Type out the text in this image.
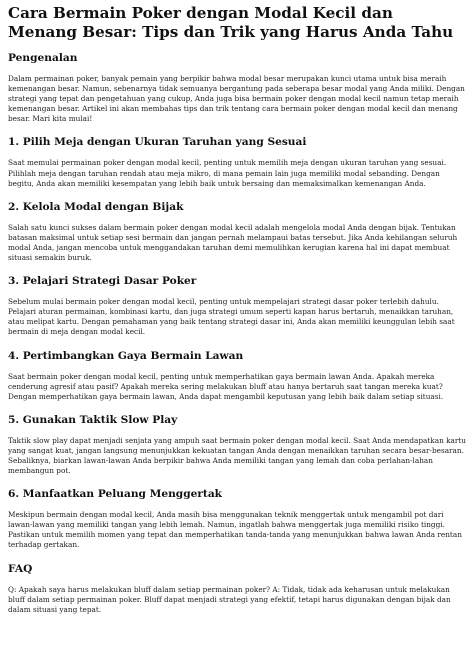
Cara Bermain Poker dengan Modal Kecil dan Menang Besar: Tips dan Trik yang Harus Anda Tahu
Pengenalan

Dalam permainan poker, banyak pemain yang berpikir bahwa modal besar merupakan kunci utama untuk bisa meraih kemenangan besar. Namun, sebenarnya tidak semuanya bergantung pada seberapa besar modal yang Anda miliki. Dengan strategi yang tepat dan pengetahuan yang cukup, Anda juga bisa bermain poker dengan modal kecil namun tetap meraih kemenangan besar. Artikel ini akan membahas tips dan trik tentang cara bermain poker dengan modal kecil dan menang besar. Mari kita mulai!

1. Pilih Meja dengan Ukuran Taruhan yang Sesuai

Saat memulai permainan poker dengan modal kecil, penting untuk memilih meja dengan ukuran taruhan yang sesuai. Pilihlah meja dengan taruhan rendah atau meja mikro, di mana pemain lain juga memiliki modal sebanding. Dengan begitu, Anda akan memiliki kesempatan yang lebih baik untuk bersaing dan memaksimalkan kemenangan Anda.

2. Kelola Modal dengan Bijak

Salah satu kunci sukses dalam bermain poker dengan modal kecil adalah mengelola modal Anda dengan bijak. Tentukan batasan maksimal untuk setiap sesi bermain dan jangan pernah melampaui batas tersebut. Jika Anda kehilangan seluruh modal Anda, jangan mencoba untuk menggandakan taruhan demi memulihkan kerugian karena hal ini dapat membuat situasi semakin buruk.

3. Pelajari Strategi Dasar Poker

Sebelum mulai bermain poker dengan modal kecil, penting untuk mempelajari strategi dasar poker terlebih dahulu. Pelajari aturan permainan, kombinasi kartu, dan juga strategi umum seperti kapan harus bertaruh, menaikkan taruhan, atau melipat kartu. Dengan pemahaman yang baik tentang strategi dasar ini, Anda akan memiliki keunggulan lebih saat bermain di meja dengan modal kecil.

4. Pertimbangkan Gaya Bermain Lawan

Saat bermain poker dengan modal kecil, penting untuk memperhatikan gaya bermain lawan Anda. Apakah mereka cenderung agresif atau pasif? Apakah mereka sering melakukan bluff atau hanya bertaruh saat tangan mereka kuat? Dengan memperhatikan gaya bermain lawan, Anda dapat mengambil keputusan yang lebih baik dalam setiap situasi.

5. Gunakan Taktik Slow Play

Taktik slow play dapat menjadi senjata yang ampuh saat bermain poker dengan modal kecil. Saat Anda mendapatkan kartu yang sangat kuat, jangan langsung menunjukkan kekuatan tangan Anda dengan menaikkan taruhan secara besar-besaran. Sebaliknya, biarkan lawan-lawan Anda berpikir bahwa Anda memiliki tangan yang lemah dan coba perlahan-lahan membangun pot.

6. Manfaatkan Peluang Menggertak

Meskipun bermain dengan modal kecil, Anda masih bisa menggunakan teknik menggertak untuk mengambil pot dari lawan-lawan yang memiliki tangan yang lebih lemah. Namun, ingatlah bahwa menggertak juga memiliki risiko tinggi. Pastikan untuk memilih momen yang tepat dan memperhatikan tanda-tanda yang menunjukkan bahwa lawan Anda rentan terhadap gertakan.

FAQ

Q: Apakah saya harus melakukan bluff dalam setiap permainan poker? A: Tidak, tidak ada keharusan untuk melakukan bluff dalam setiap permainan poker. Bluff dapat menjadi strategi yang efektif, tetapi harus digunakan dengan bijak dan dalam situasi yang tepat.
